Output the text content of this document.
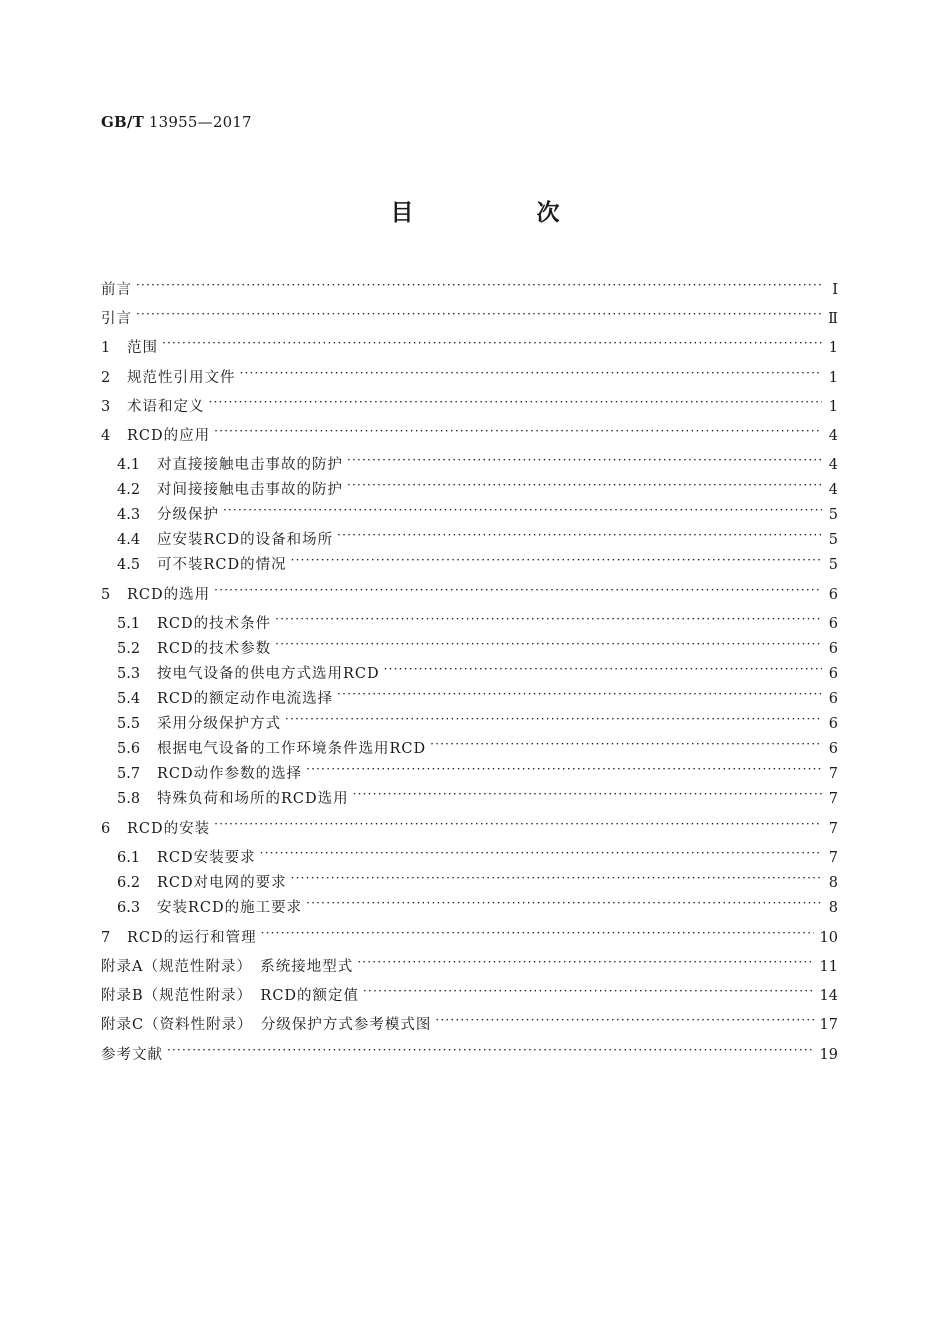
GB/T 13955—2017
目　次
前言 ·····	Ⅰ
引言 ·····	Ⅱ
1	范围 ·····	1
2	规范性引用文件 ·····	1
3	术语和定义 ·····	1
4	RCD的应用 ·····	4
4.1	对直接接触电击事故的防护 ·····	4
4.2	对间接接触电击事故的防护 ·····	4
4.3	分级保护 ·····	5
4.4	应安装RCD的设备和场所 ·····	5
4.5	可不装RCD的情况 ·····	5
5	RCD的选用 ·····	6
5.1	RCD的技术条件 ·····	6
5.2	RCD的技术参数 ·····	6
5.3	按电气设备的供电方式选用RCD ·····	6
5.4	RCD的额定动作电流选择 ·····	6
5.5	采用分级保护方式 ·····	6
5.6	根据电气设备的工作环境条件选用RCD ·····	6
5.7	RCD动作参数的选择 ·····	7
5.8	特殊负荷和场所的RCD选用 ·····	7
6	RCD的安装 ·····	7
6.1	RCD安装要求 ·····	7
6.2	RCD对电网的要求 ·····	8
6.3	安装RCD的施工要求 ·····	8
7	RCD的运行和管理 ·····	10
附录A（规范性附录）　系统接地型式 ·····	11
附录B（规范性附录）　RCD的额定值 ·····	14
附录C（资料性附录）　分级保护方式参考模式图 ·····	17
参考文献 ·····	19
